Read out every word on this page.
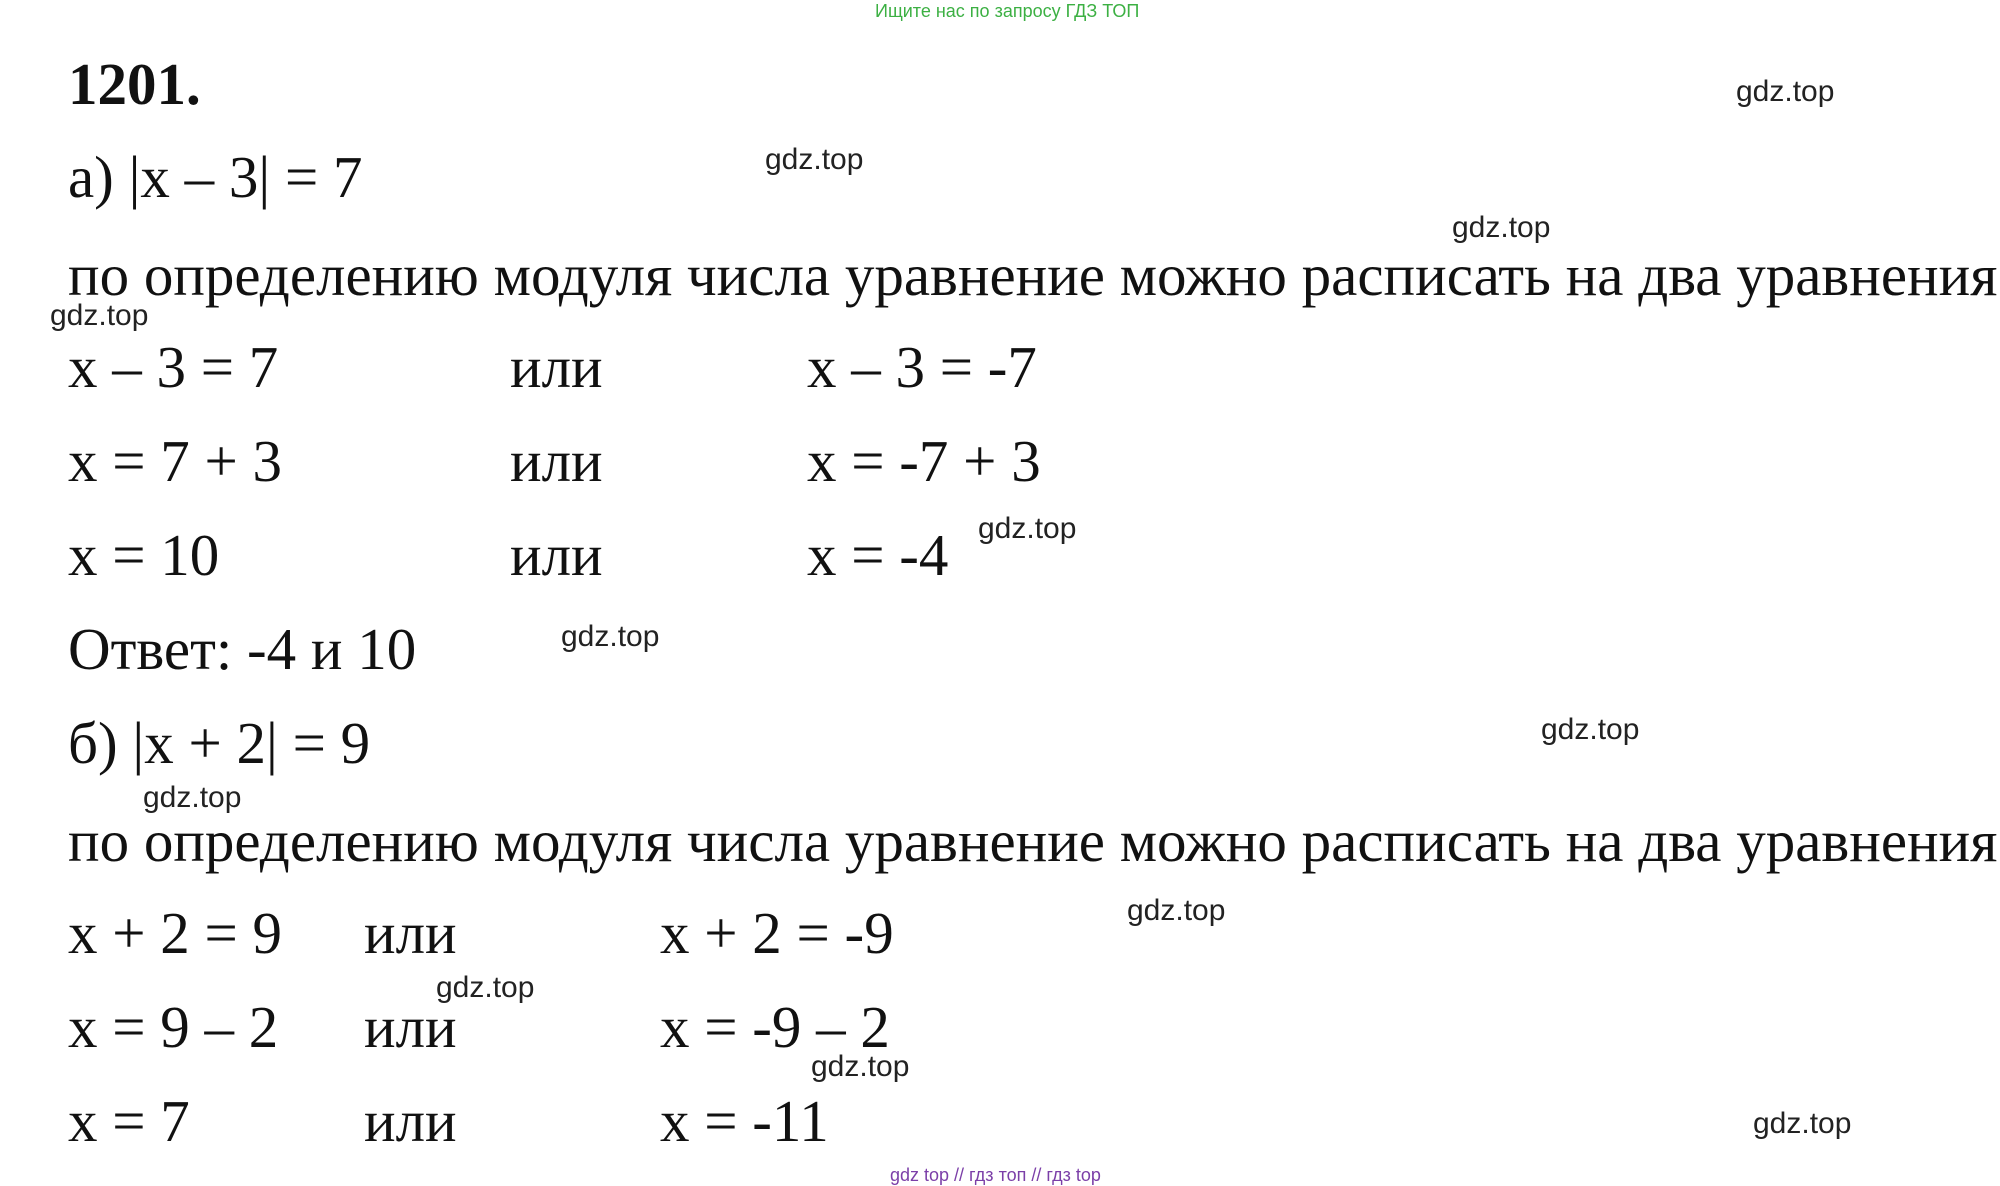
Ищите нас по запросу ГДЗ ТОП
1201.
а) |x – 3| = 7
по определению модуля числа уравнение можно расписать на два уравнения
x – 3 = 7	или	x – 3 = -7
x = 7 + 3	или	x = -7 + 3
x = 10	или	x = -4
Ответ: -4 и 10
б) |x + 2| = 9
по определению модуля числа уравнение можно расписать на два уравнения
x + 2 = 9 или	x + 2 = -9
x = 9 – 2 или	x = -9 – 2
x = 7	или	x = -11
gdz.top
gdz.top
gdz.top
gdz.top
gdz.top
gdz.top
gdz.top
gdz.top
gdz.top
gdz.top
gdz.top
gdz.top
gdz top // гдз топ // гдз top
